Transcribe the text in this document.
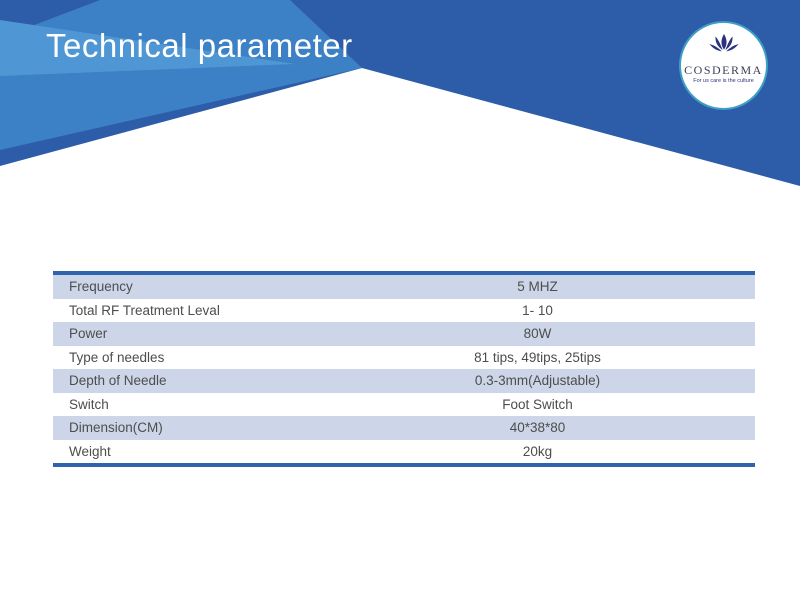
Technical parameter
COSDERMA
For us care is the culture
Frequency	5 MHZ
Total RF Treatment Leval	1- 10
Power	80W
Type of needles	81 tips, 49tips, 25tips
Depth of Needle	0.3-3mm(Adjustable)
Switch	Foot Switch
Dimension(CM)	40*38*80
Weight	20kg
